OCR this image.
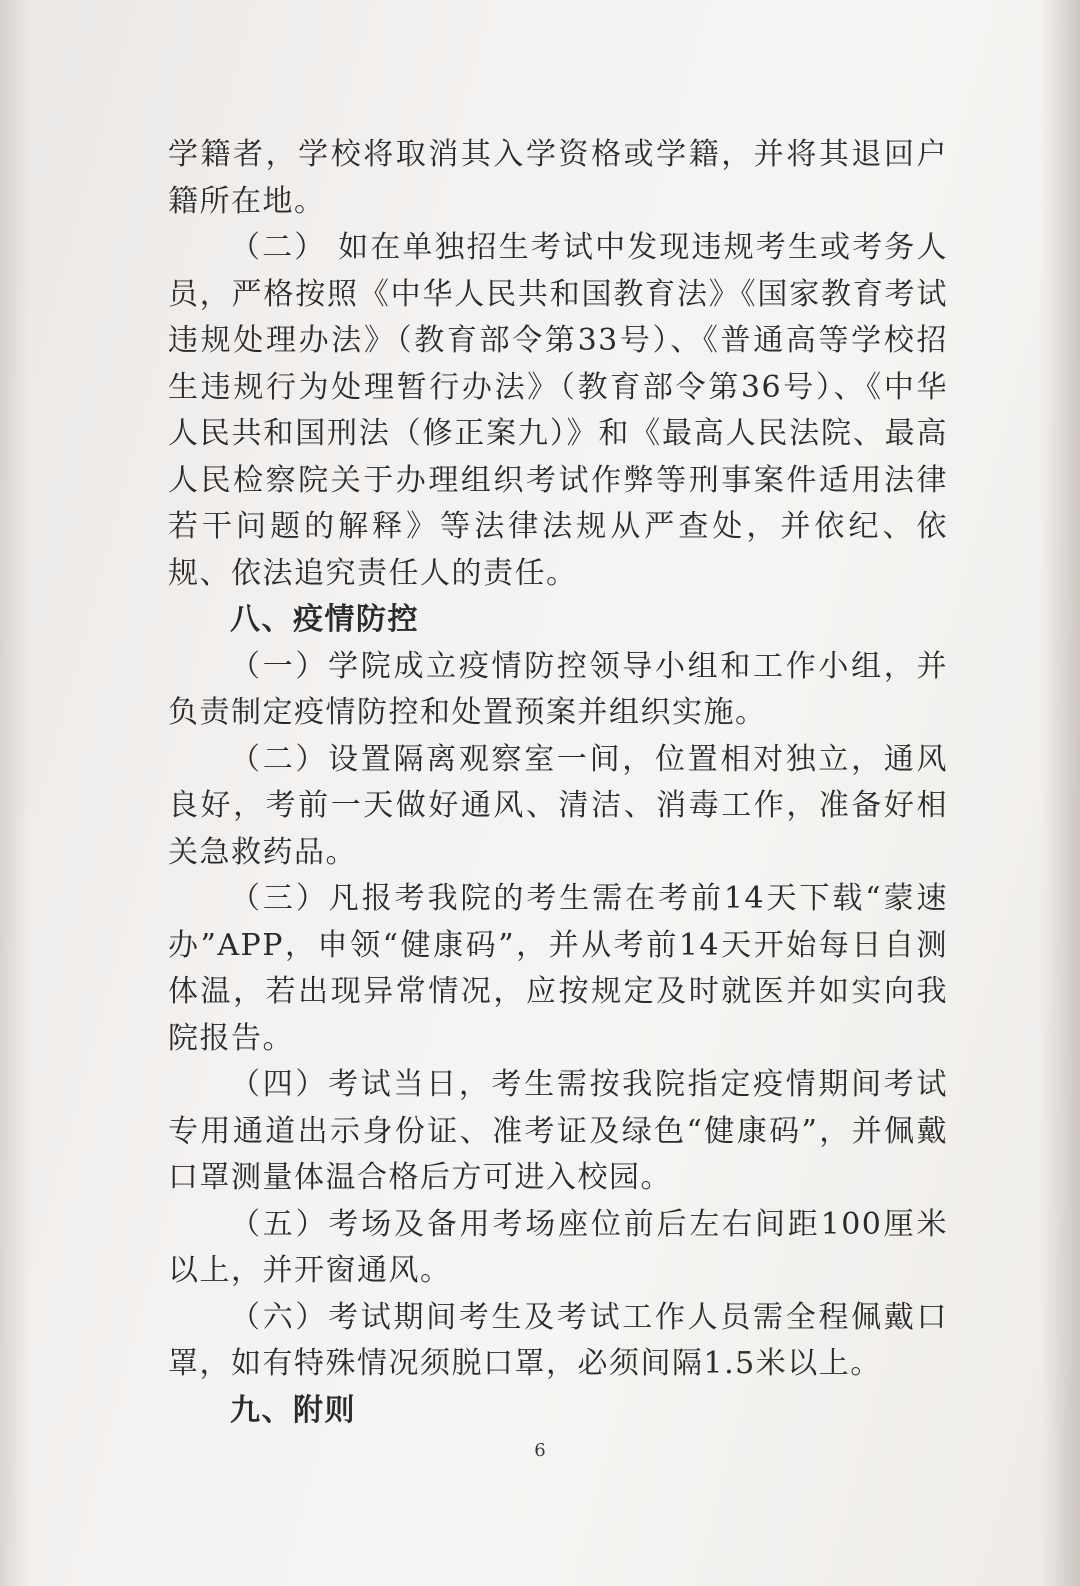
学籍者，学校将取消其入学资格或学籍，并将其退回户籍所在地。

（二） 如在单独招生考试中发现违规考生或考务人员，严格按照《中华人民共和国教育法》《国家教育考试违规处理办法》（教育部令第33号）、《普通高等学校招生违规行为处理暂行办法》（教育部令第36号）、《中华人民共和国刑法（修正案九）》和《最高人民法院、最高人民检察院关于办理组织考试作弊等刑事案件适用法律若干问题的解释》等法律法规从严查处，并依纪、依规、依法追究责任人的责任。

八、疫情防控

（一）学院成立疫情防控领导小组和工作小组，并负责制定疫情防控和处置预案并组织实施。

（二）设置隔离观察室一间，位置相对独立，通风良好，考前一天做好通风、清洁、消毒工作，准备好相关急救药品。

（三）凡报考我院的考生需在考前14天下载“蒙速办”APP，申领“健康码”，并从考前14天开始每日自测体温，若出现异常情况，应按规定及时就医并如实向我院报告。

（四）考试当日，考生需按我院指定疫情期间考试专用通道出示身份证、准考证及绿色“健康码”，并佩戴口罩测量体温合格后方可进入校园。

（五）考场及备用考场座位前后左右间距100厘米以上，并开窗通风。

（六）考试期间考生及考试工作人员需全程佩戴口罩，如有特殊情况须脱口罩，必须间隔1.5米以上。

九、附则

6
